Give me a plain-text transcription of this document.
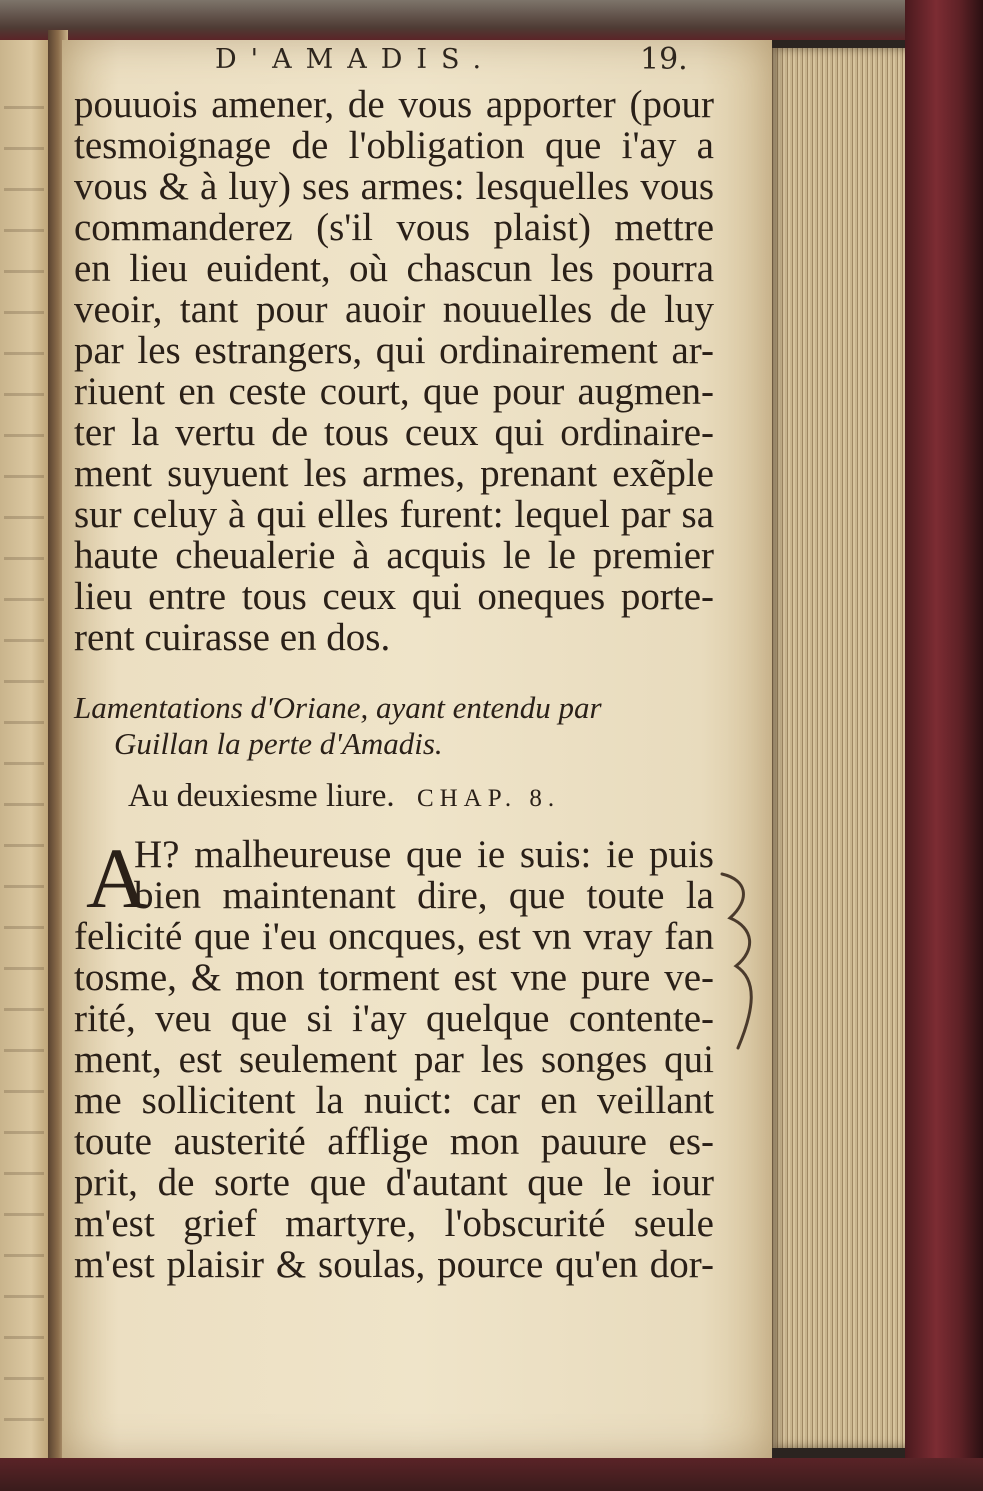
D'AMADIS.	19.
pouuois amener, de vous apporter (pour
tesmoignage de l'obligation que i'ay a
vous & à luy) ses armes: lesquelles vous
commanderez (s'il vous plaist) mettre
en lieu euident, où chascun les pourra
veoir, tant pour auoir nouuelles de luy
par les estrangers, qui ordinairement ar-
riuent en ceste court, que pour augmen-
ter la vertu de tous ceux qui ordinaire-
ment suyuent les armes, prenant exẽple
sur celuy à qui elles furent: lequel par sa
haute cheualerie à acquis le le premier
lieu entre tous ceux qui oneques porte-
rent cuirasse en dos.
Lamentations d'Oriane, ayant entendu par
Guillan la perte d'Amadis.
Au deuxiesme liure. CHAP. 8.
A
H? malheureuse que ie suis: ie puis
bien maintenant dire, que toute la
felicité que i'eu oncques, est vn vray fan
tosme, & mon torment est vne pure ve-
rité, veu que si i'ay quelque contente-
ment, est seulement par les songes qui
me sollicitent la nuict: car en veillant
toute austerité afflige mon pauure es-
prit, de sorte que d'autant que le iour
m'est grief martyre, l'obscurité seule
m'est plaisir & soulas, pource qu'en dor-
